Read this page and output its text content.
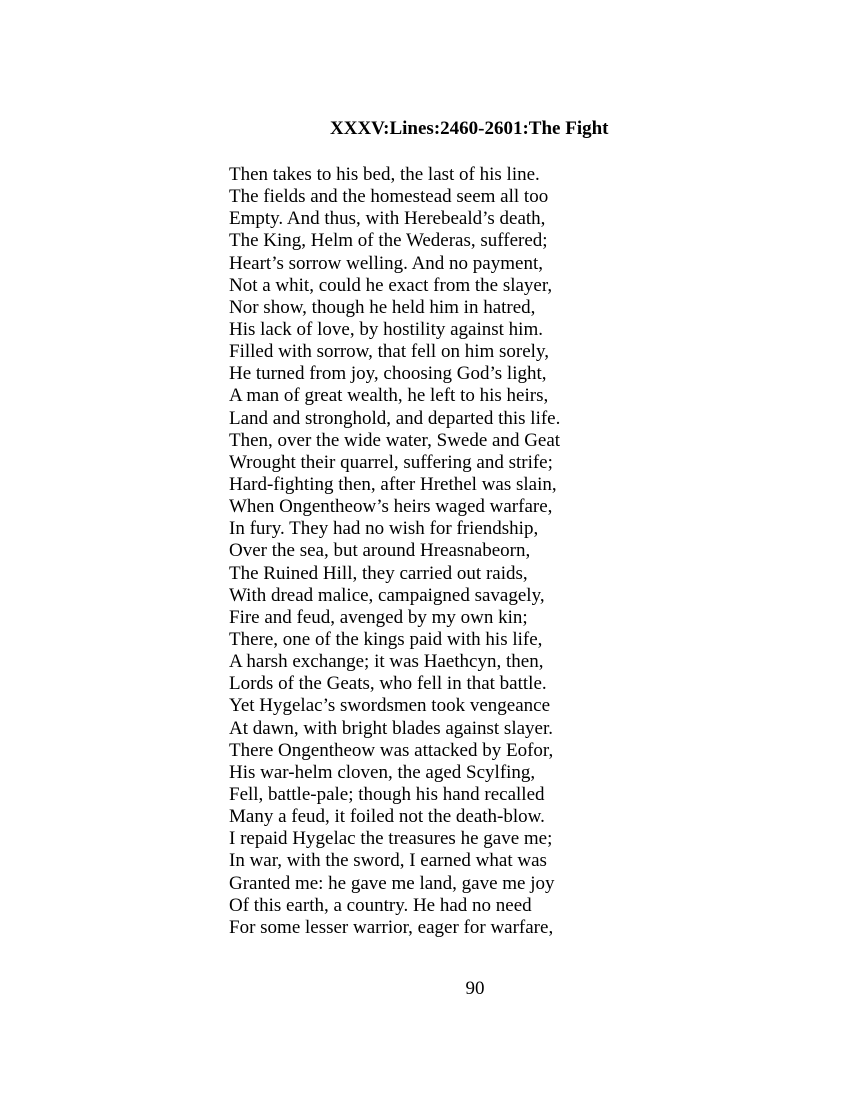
XXXV:Lines:2460-2601:The Fight
Then takes to his bed, the last of his line.
The fields and the homestead seem all too
Empty. And thus, with Herebeald’s death,
The King, Helm of the Wederas, suffered;
Heart’s sorrow welling. And no payment,
Not a whit, could he exact from the slayer,
Nor show, though he held him in hatred,
His lack of love, by hostility against him.
Filled with sorrow, that fell on him sorely,
He turned from joy, choosing God’s light,
A man of great wealth, he left to his heirs,
Land and stronghold, and departed this life.
Then, over the wide water, Swede and Geat
Wrought their quarrel, suffering and strife;
Hard-fighting then, after Hrethel was slain,
When Ongentheow’s heirs waged warfare,
In fury. They had no wish for friendship,
Over the sea, but around Hreasnabeorn,
The Ruined Hill, they carried out raids,
With dread malice, campaigned savagely,
Fire and feud, avenged by my own kin;
There, one of the kings paid with his life,
A harsh exchange; it was Haethcyn, then,
Lords of the Geats, who fell in that battle.
Yet Hygelac’s swordsmen took vengeance
At dawn, with bright blades against slayer.
There Ongentheow was attacked by Eofor,
His war-helm cloven, the aged Scylfing,
Fell, battle-pale; though his hand recalled
Many a feud, it foiled not the death-blow.
I repaid Hygelac the treasures he gave me;
In war, with the sword, I earned what was
Granted me: he gave me land, gave me joy
Of this earth, a country. He had no need
For some lesser warrior, eager for warfare,
90
